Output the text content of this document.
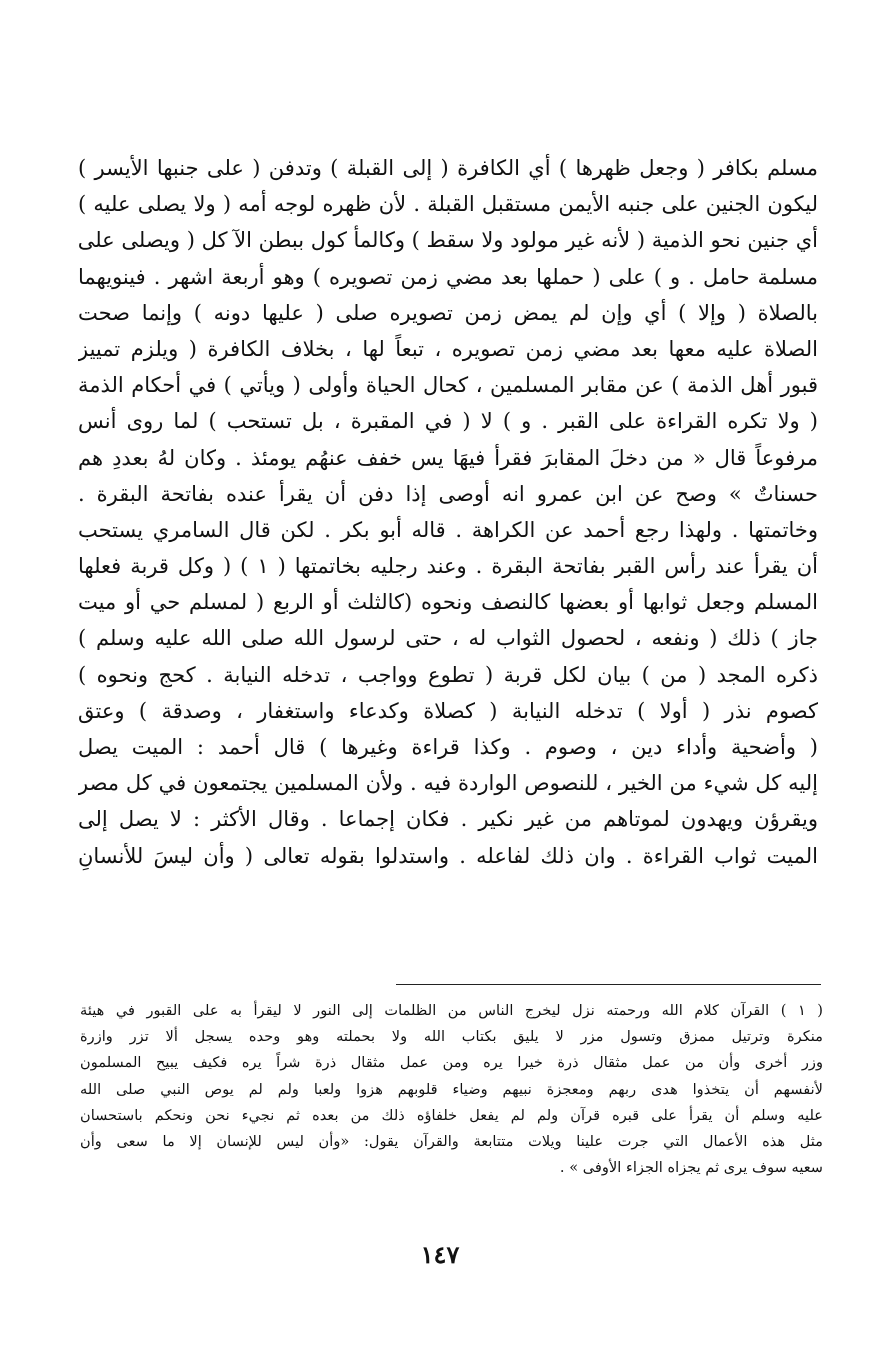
مسلم بكافر ( وجعل ظهرها ) أي الكافرة ( إلى القبلة ) وتدفن ( على جنبها الأيسر )
ليكون الجنين على جنبه الأيمن مستقبل القبلة . لأن ظهره لوجه أمه ( ولا يصلى عليه )
أي جنين نحو الذمية ( لأنه غير مولود ولا سقط ) وكالمأ كول ببطن الآ كل ( ويصلى على
مسلمة حامل . و ) على ( حملها بعد مضي زمن تصويره ) وهو أربعة اشهر . فينويهما
بالصلاة ( وإلا ) أي وإن لم يمض زمن تصويره صلى ( عليها دونه ) وإنما صحت
الصلاة عليه معها بعد مضي زمن تصويره ، تبعاً لها ، بخلاف الكافرة ( ويلزم تمييز
قبور أهل الذمة ) عن مقابر المسلمين ، كحال الحياة وأولى ( ويأتي ) في أحكام الذمة
( ولا تكره القراءة على القبر . و ) لا ( في المقبرة ، بل تستحب ) لما روى أنس
مرفوعاً قال « من دخلَ المقابرَ فقرأ فيهَا يس خفف عنهُم يومئذ . وكان لهُ بعددِ هم
حسناتٌ » وصح عن ابن عمرو انه أوصى إذا دفن أن يقرأ عنده بفاتحة البقرة .
وخاتمتها . ولهذا رجع أحمد عن الكراهة . قاله أبو بكر . لكن قال السامري يستحب
أن يقرأ عند رأس القبر بفاتحة البقرة . وعند رجليه بخاتمتها ( ١ ) ( وكل قربة فعلها
المسلم وجعل ثوابها أو بعضها كالنصف ونحوه (كالثلث أو الربع ( لمسلم حي أو ميت
جاز ) ذلك ( ونفعه ، لحصول الثواب له ، حتى لرسول الله صلى الله عليه وسلم )
ذكره المجد ( من ) بيان لكل قربة ( تطوع وواجب ، تدخله النيابة . كحج ونحوه )
كصوم نذر ( أولا ) تدخله النيابة ( كصلاة وكدعاء واستغفار ، وصدقة ) وعتق
( وأضحية وأداء دين ، وصوم . وكذا قراءة وغيرها ) قال أحمد : الميت يصل
إليه كل شيء من الخير ، للنصوص الواردة فيه . ولأن المسلمين يجتمعون في كل مصر
ويقرؤن ويهدون لموتاهم من غير نكير . فكان إجماعا . وقال الأكثر : لا يصل إلى
الميت ثواب القراءة . وان ذلك لفاعله . واستدلوا بقوله تعالى ( وأن ليسَ للأنسانِ
( ١ ) القرآن كلام الله ورحمته نزل ليخرج الناس من الظلمات إلى النور لا ليقرأ به على القبور في هيئة
منكرة وترتيل ممزق وتسول مزر لا يليق بكتاب الله ولا بحملته وهو وحده يسجل ألا تزر وازرة
وزر أخرى وأن من عمل مثقال ذرة خيرا يره ومن عمل مثقال ذرة شراً يره فكيف يبيح المسلمون
لأنفسهم أن يتخذوا هدى ربهم ومعجزة نبيهم وضياء قلوبهم هزوا ولعبا ولم لم يوص النبي صلى الله
عليه وسلم أن يقرأ على قبره قرآن ولم لم يفعل خلفاؤه ذلك من بعده ثم نجيء نحن ونحكم باستحسان
مثل هذه الأعمال التي جرت علينا ويلات متتابعة والقرآن يقول: «وأن ليس للإنسان إلا ما سعى وأن
سعيه سوف يرى ثم يجزاه الجزاء الأوفى » .
١٤٧
